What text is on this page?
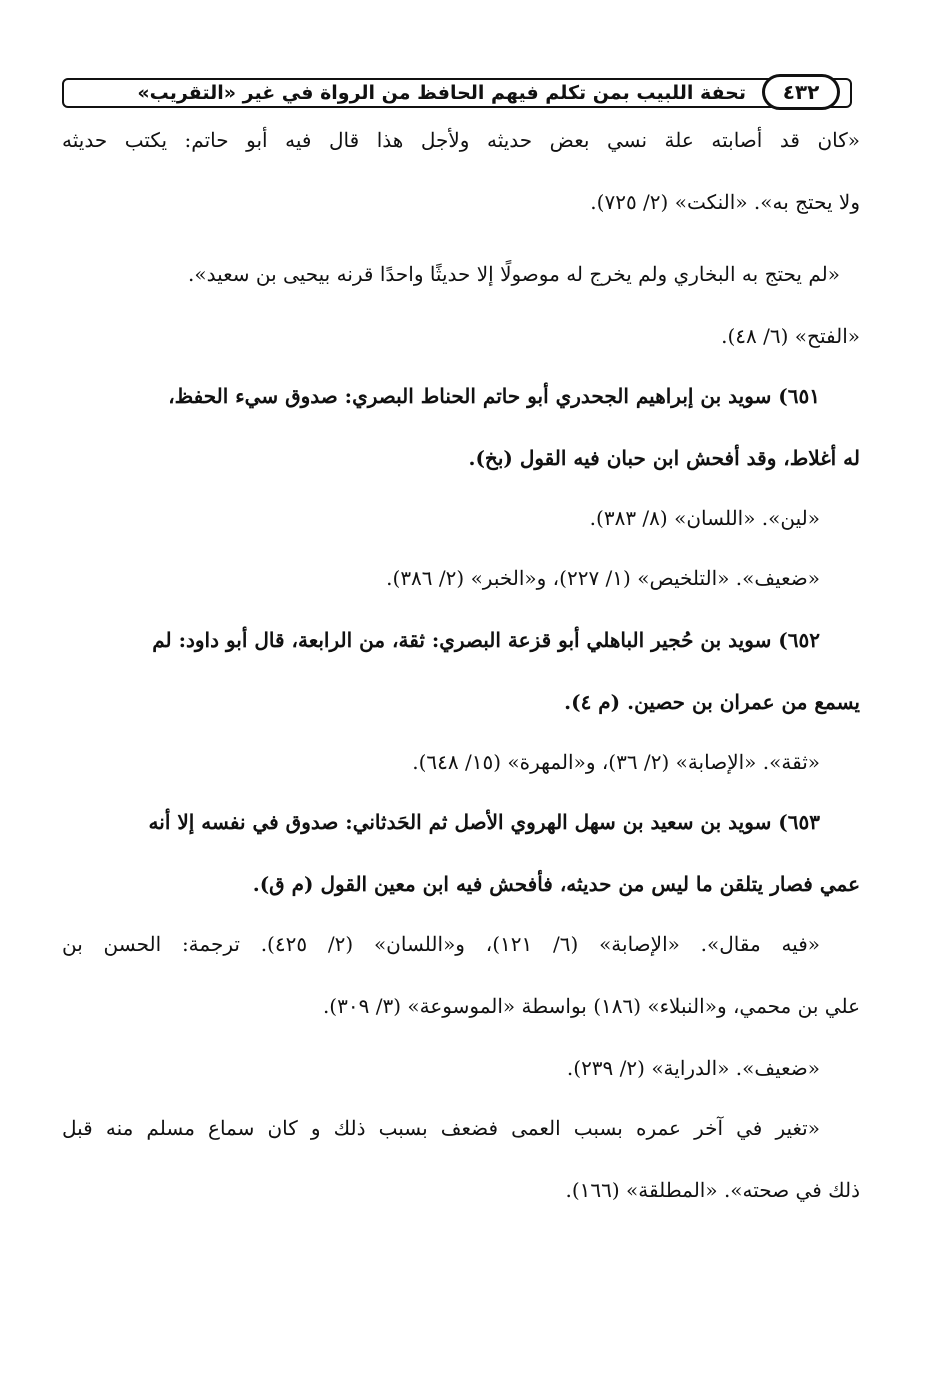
٤٣٢
تحفة اللبيب بمن تكلم فيهم الحافظ من الرواة في غير «التقريب»
«كان قد أصابته علة نسي بعض حديثه ولأجل هذا قال فيه أبو حاتم: يكتب حديثه
ولا يحتج به». «النكت» (٢/ ٧٢٥).
«لم يحتج به البخاري ولم يخرج له موصولًا إلا حديثًا واحدًا قرنه بيحيى بن سعيد».
«الفتح» (٦/ ٤٨).
٦٥١) سويد بن إبراهيم الجحدري أبو حاتم الحناط البصري: صدوق سيء الحفظ،
له أغلاط، وقد أفحش ابن حبان فيه القول (بخ).
«لين». «اللسان» (٨/ ٣٨٣).
«ضعيف». «التلخيص» (١/ ٢٢٧)، و«الخبر» (٢/ ٣٨٦).
٦٥٢) سويد بن حُجير الباهلي أبو قزعة البصري: ثقة، من الرابعة، قال أبو داود: لم
يسمع من عمران بن حصين. (م ٤).
«ثقة». «الإصابة» (٢/ ٣٦)، و«المهرة» (١٥/ ٦٤٨).
٦٥٣) سويد بن سعيد بن سهل الهروي الأصل ثم الحَدثاني: صدوق في نفسه إلا أنه
عمي فصار يتلقن ما ليس من حديثه، فأفحش فيه ابن معين القول (م ق).
«فيه مقال». «الإصابة» (٦/ ١٢١)، و«اللسان» (٢/ ٤٢٥). ترجمة: الحسن بن
علي بن محمي، و«النبلاء» (١٨٦) بواسطة «الموسوعة» (٣/ ٣٠٩).
«ضعيف». «الدراية» (٢/ ٢٣٩).
«تغير في آخر عمره بسبب العمى فضعف بسبب ذلك و كان سماع مسلم منه قبل
ذلك في صحته». «المطلقة» (١٦٦).
